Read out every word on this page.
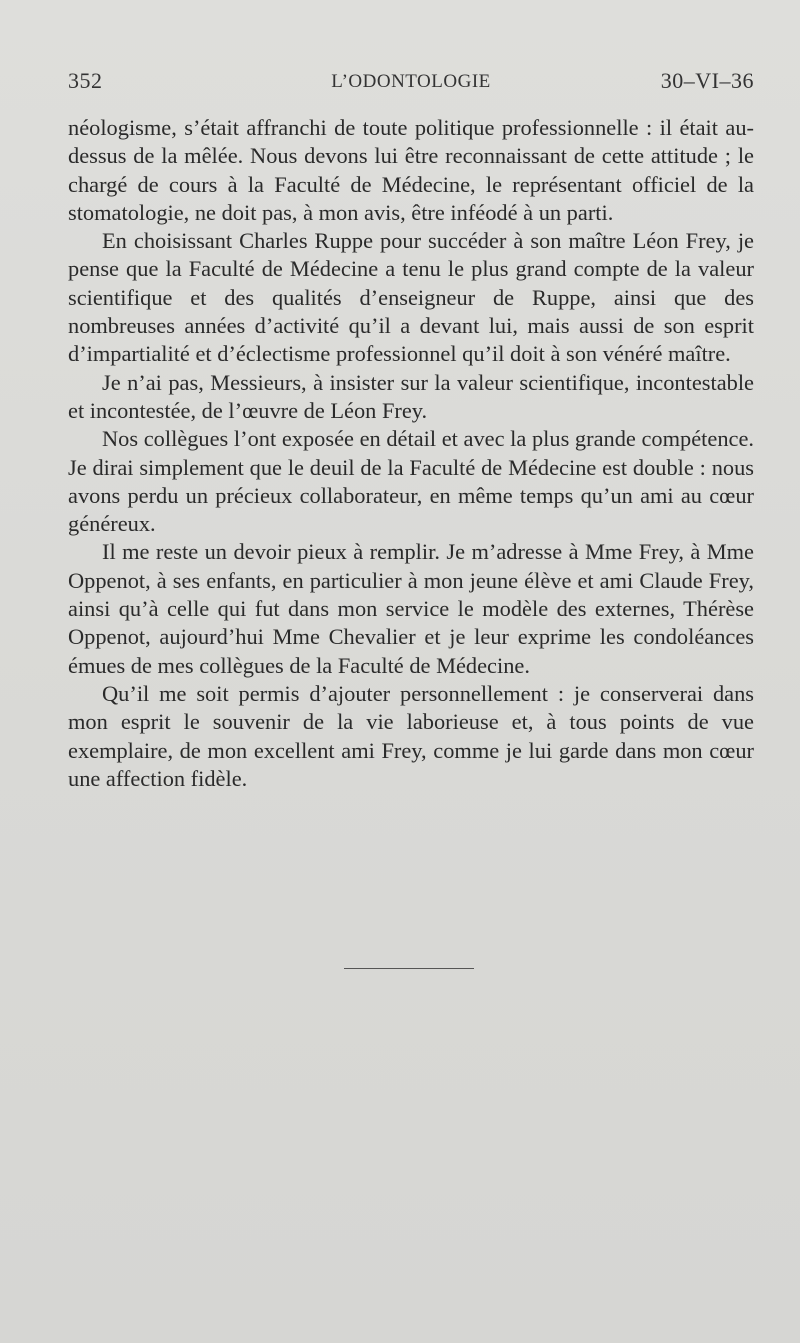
352	L’ODONTOLOGIE	30–VI–36

néologisme, s’était affranchi de toute politique professionnelle : il était au-dessus de la mêlée. Nous devons lui être reconnaissant de cette attitude ; le chargé de cours à la Faculté de Médecine, le représentant officiel de la stomatologie, ne doit pas, à mon avis, être inféodé à un parti.

En choisissant Charles Ruppe pour succéder à son maître Léon Frey, je pense que la Faculté de Médecine a tenu le plus grand compte de la valeur scientifique et des qualités d’enseigneur de Ruppe, ainsi que des nombreuses années d’activité qu’il a devant lui, mais aussi de son esprit d’impartialité et d’éclectisme professionnel qu’il doit à son vénéré maître.

Je n’ai pas, Messieurs, à insister sur la valeur scientifique, incontestable et incontestée, de l’œuvre de Léon Frey.

Nos collègues l’ont exposée en détail et avec la plus grande compétence. Je dirai simplement que le deuil de la Faculté de Médecine est double : nous avons perdu un précieux collaborateur, en même temps qu’un ami au cœur généreux.

Il me reste un devoir pieux à remplir. Je m’adresse à Mme Frey, à Mme Oppenot, à ses enfants, en particulier à mon jeune élève et ami Claude Frey, ainsi qu’à celle qui fut dans mon service le modèle des externes, Thérèse Oppenot, aujourd’hui Mme Chevalier et je leur exprime les condoléances émues de mes collègues de la Faculté de Médecine.

Qu’il me soit permis d’ajouter personnellement : je conserverai dans mon esprit le souvenir de la vie laborieuse et, à tous points de vue exemplaire, de mon excellent ami Frey, comme je lui garde dans mon cœur une affection fidèle.
